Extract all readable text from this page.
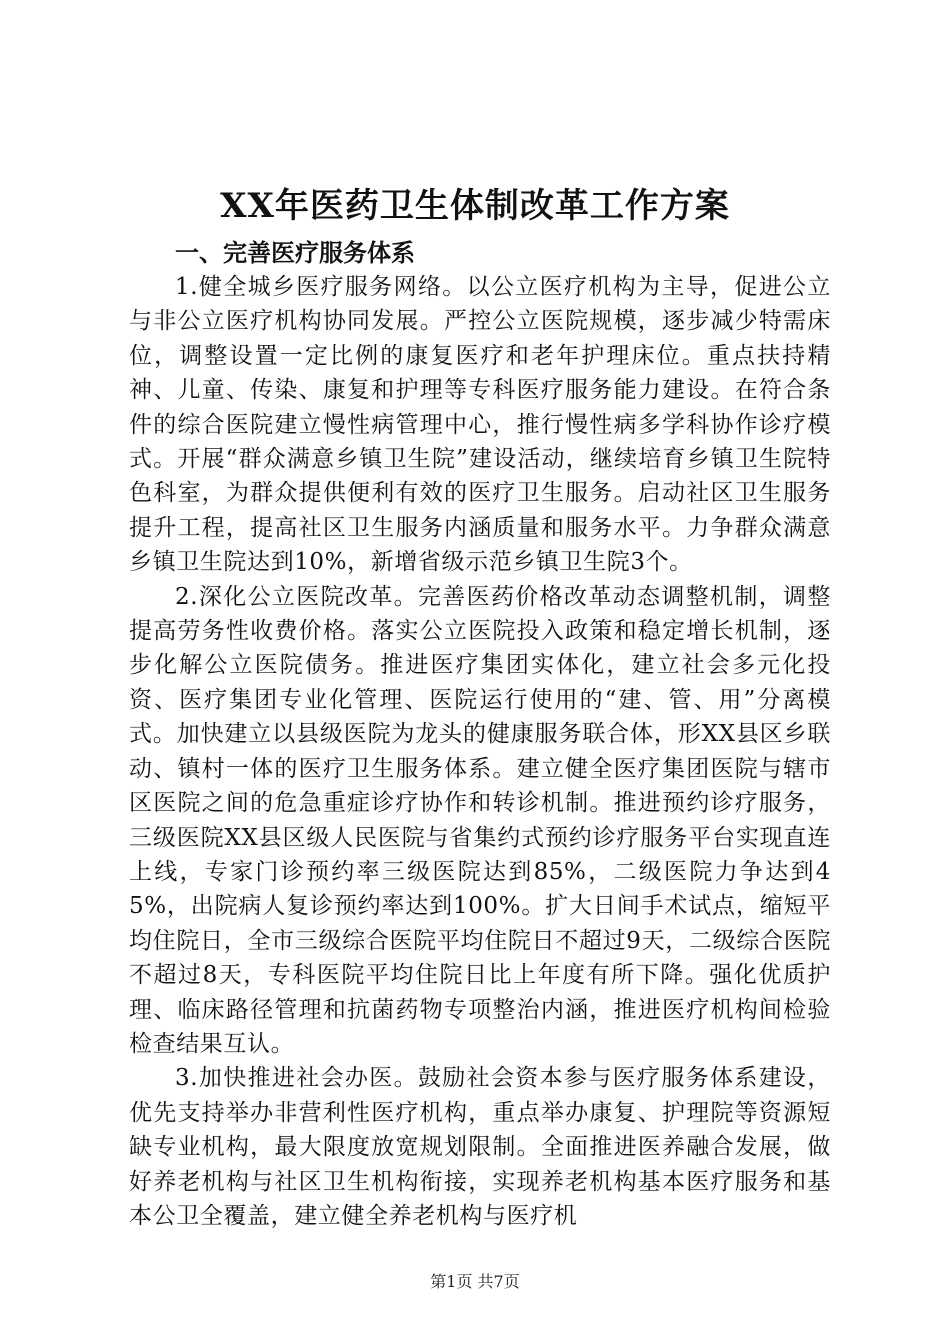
XX年医药卫生体制改革工作方案

一、完善医疗服务体系

1.健全城乡医疗服务网络。以公立医疗机构为主导，促进公立与非公立医疗机构协同发展。严控公立医院规模，逐步减少特需床位，调整设置一定比例的康复医疗和老年护理床位。重点扶持精神、儿童、传染、康复和护理等专科医疗服务能力建设。在符合条件的综合医院建立慢性病管理中心，推行慢性病多学科协作诊疗模式。开展“群众满意乡镇卫生院”建设活动，继续培育乡镇卫生院特色科室，为群众提供便利有效的医疗卫生服务。启动社区卫生服务提升工程，提高社区卫生服务内涵质量和服务水平。力争群众满意乡镇卫生院达到10%，新增省级示范乡镇卫生院3个。

2.深化公立医院改革。完善医药价格改革动态调整机制，调整提高劳务性收费价格。落实公立医院投入政策和稳定增长机制，逐步化解公立医院债务。推进医疗集团实体化，建立社会多元化投资、医疗集团专业化管理、医院运行使用的“建、管、用”分离模式。加快建立以县级医院为龙头的健康服务联合体，形XX县区乡联动、镇村一体的医疗卫生服务体系。建立健全医疗集团医院与辖市区医院之间的危急重症诊疗协作和转诊机制。推进预约诊疗服务，三级医院XX县区级人民医院与省集约式预约诊疗服务平台实现直连上线，专家门诊预约率三级医院达到85%，二级医院力争达到45%，出院病人复诊预约率达到100%。扩大日间手术试点，缩短平均住院日，全市三级综合医院平均住院日不超过9天，二级综合医院不超过8天，专科医院平均住院日比上年度有所下降。强化优质护理、临床路径管理和抗菌药物专项整治内涵，推进医疗机构间检验检查结果互认。

3.加快推进社会办医。鼓励社会资本参与医疗服务体系建设，优先支持举办非营利性医疗机构，重点举办康复、护理院等资源短缺专业机构，最大限度放宽规划限制。全面推进医养融合发展，做好养老机构与社区卫生机构衔接，实现养老机构基本医疗服务和基本公卫全覆盖，建立健全养老机构与医疗机

第1页 共7页
